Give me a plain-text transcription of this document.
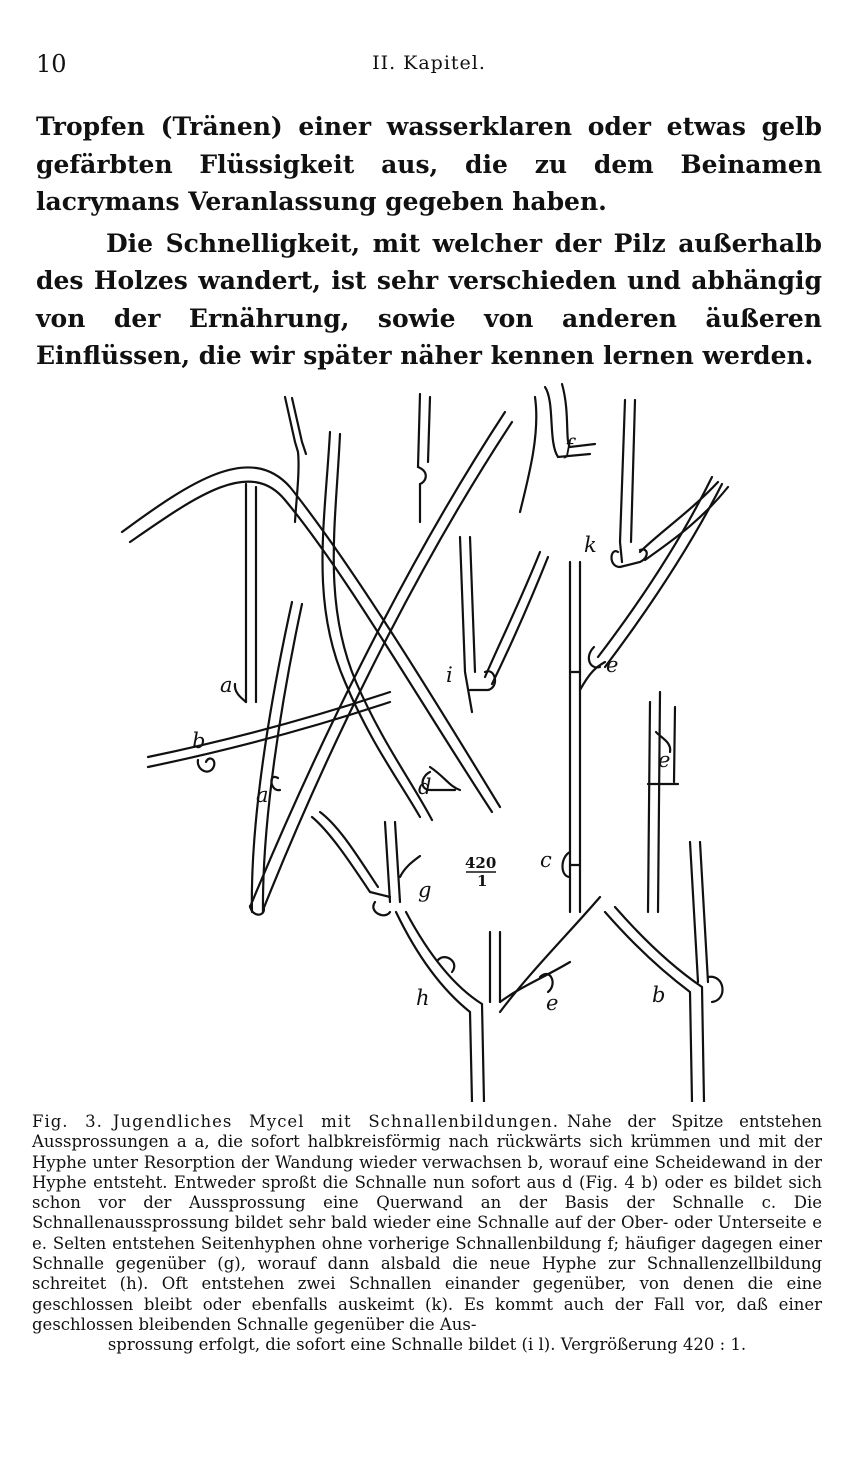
10	II. Kapitel.

Tropfen (Tränen) einer wasserklaren oder etwas gelb gefärbten Flüssigkeit aus, die zu dem Beinamen lacrymans Veranlassung gegeben haben.

Die Schnelligkeit, mit welcher der Pilz außerhalb des Holzes wandert, ist sehr verschieden und abhängig von der Ernährung, sowie von anderen äußeren Einflüssen, die wir später näher kennen lernen werden.

a
a
b
b
c
d
e
e
e
f
g
h
i
k
420
1

Fig. 3. Jugendliches Mycel mit Schnallenbildungen. Nahe der Spitze entstehen Aussprossungen a a, die sofort halbkreisförmig nach rückwärts sich krümmen und mit der Hyphe unter Resorption der Wandung wieder verwachsen b, worauf eine Scheidewand in der Hyphe entsteht. Entweder sproßt die Schnalle nun sofort aus d (Fig. 4 b) oder es bildet sich schon vor der Aussprossung eine Querwand an der Basis der Schnalle c. Die Schnallenaussprossung bildet sehr bald wieder eine Schnalle auf der Ober- oder Unterseite e e. Selten entstehen Seitenhyphen ohne vorherige Schnallenbildung f; häufiger dagegen einer Schnalle gegenüber (g), worauf dann alsbald die neue Hyphe zur Schnallenzellbildung schreitet (h). Oft entstehen zwei Schnallen einander gegenüber, von denen die eine geschlossen bleibt oder ebenfalls auskeimt (k). Es kommt auch der Fall vor, daß einer geschlossen bleibenden Schnalle gegenüber die Aus-

sprossung erfolgt, die sofort eine Schnalle bildet (i l). Vergrößerung 420 : 1.
